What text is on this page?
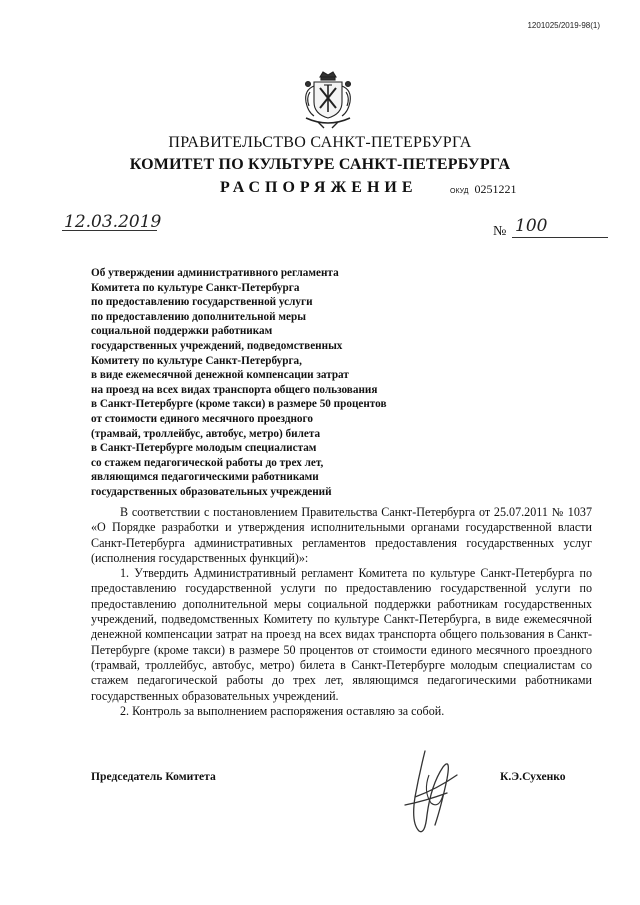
1201025/2019-98(1)
ПРАВИТЕЛЬСТВО САНКТ-ПЕТЕРБУРГА
КОМИТЕТ ПО КУЛЬТУРЕ САНКТ-ПЕТЕРБУРГА
РАСПОРЯЖЕНИЕ	ОКУД 0251221
12.03.2019	№ 100
Об утверждении административного регламента
Комитета по культуре Санкт-Петербурга
по предоставлению государственной услуги
по предоставлению дополнительной меры
социальной поддержки работникам
государственных учреждений, подведомственных
Комитету по культуре Санкт-Петербурга,
в виде ежемесячной денежной компенсации затрат
на проезд на всех видах транспорта общего пользования
в Санкт-Петербурге (кроме такси) в размере 50 процентов
от стоимости единого месячного проездного
(трамвай, троллейбус, автобус, метро) билета
в Санкт-Петербурге молодым специалистам
со стажем педагогической работы до трех лет,
являющимся педагогическими работниками
государственных образовательных учреждений

В соответствии с постановлением Правительства Санкт-Петербурга от 25.07.2011 № 1037 «О Порядке разработки и утверждения исполнительными органами государственной власти Санкт-Петербурга административных регламентов предоставления государственных услуг (исполнения государственных функций)»:

1. Утвердить Административный регламент Комитета по культуре Санкт-Петербурга по предоставлению государственной услуги по предоставлению государственной услуги по предоставлению дополнительной меры социальной поддержки работникам государственных учреждений, подведомственных Комитету по культуре Санкт-Петербурга, в виде ежемесячной денежной компенсации затрат на проезд на всех видах транспорта общего пользования в Санкт-Петербурге (кроме такси) в размере 50 процентов от стоимости единого месячного проездного (трамвай, троллейбус, автобус, метро) билета в Санкт-Петербурге молодым специалистам со стажем педагогической работы до трех лет, являющимся педагогическими работниками государственных образовательных учреждений.

2. Контроль за выполнением распоряжения оставляю за собой.

Председатель Комитета	К.Э.Сухенко
